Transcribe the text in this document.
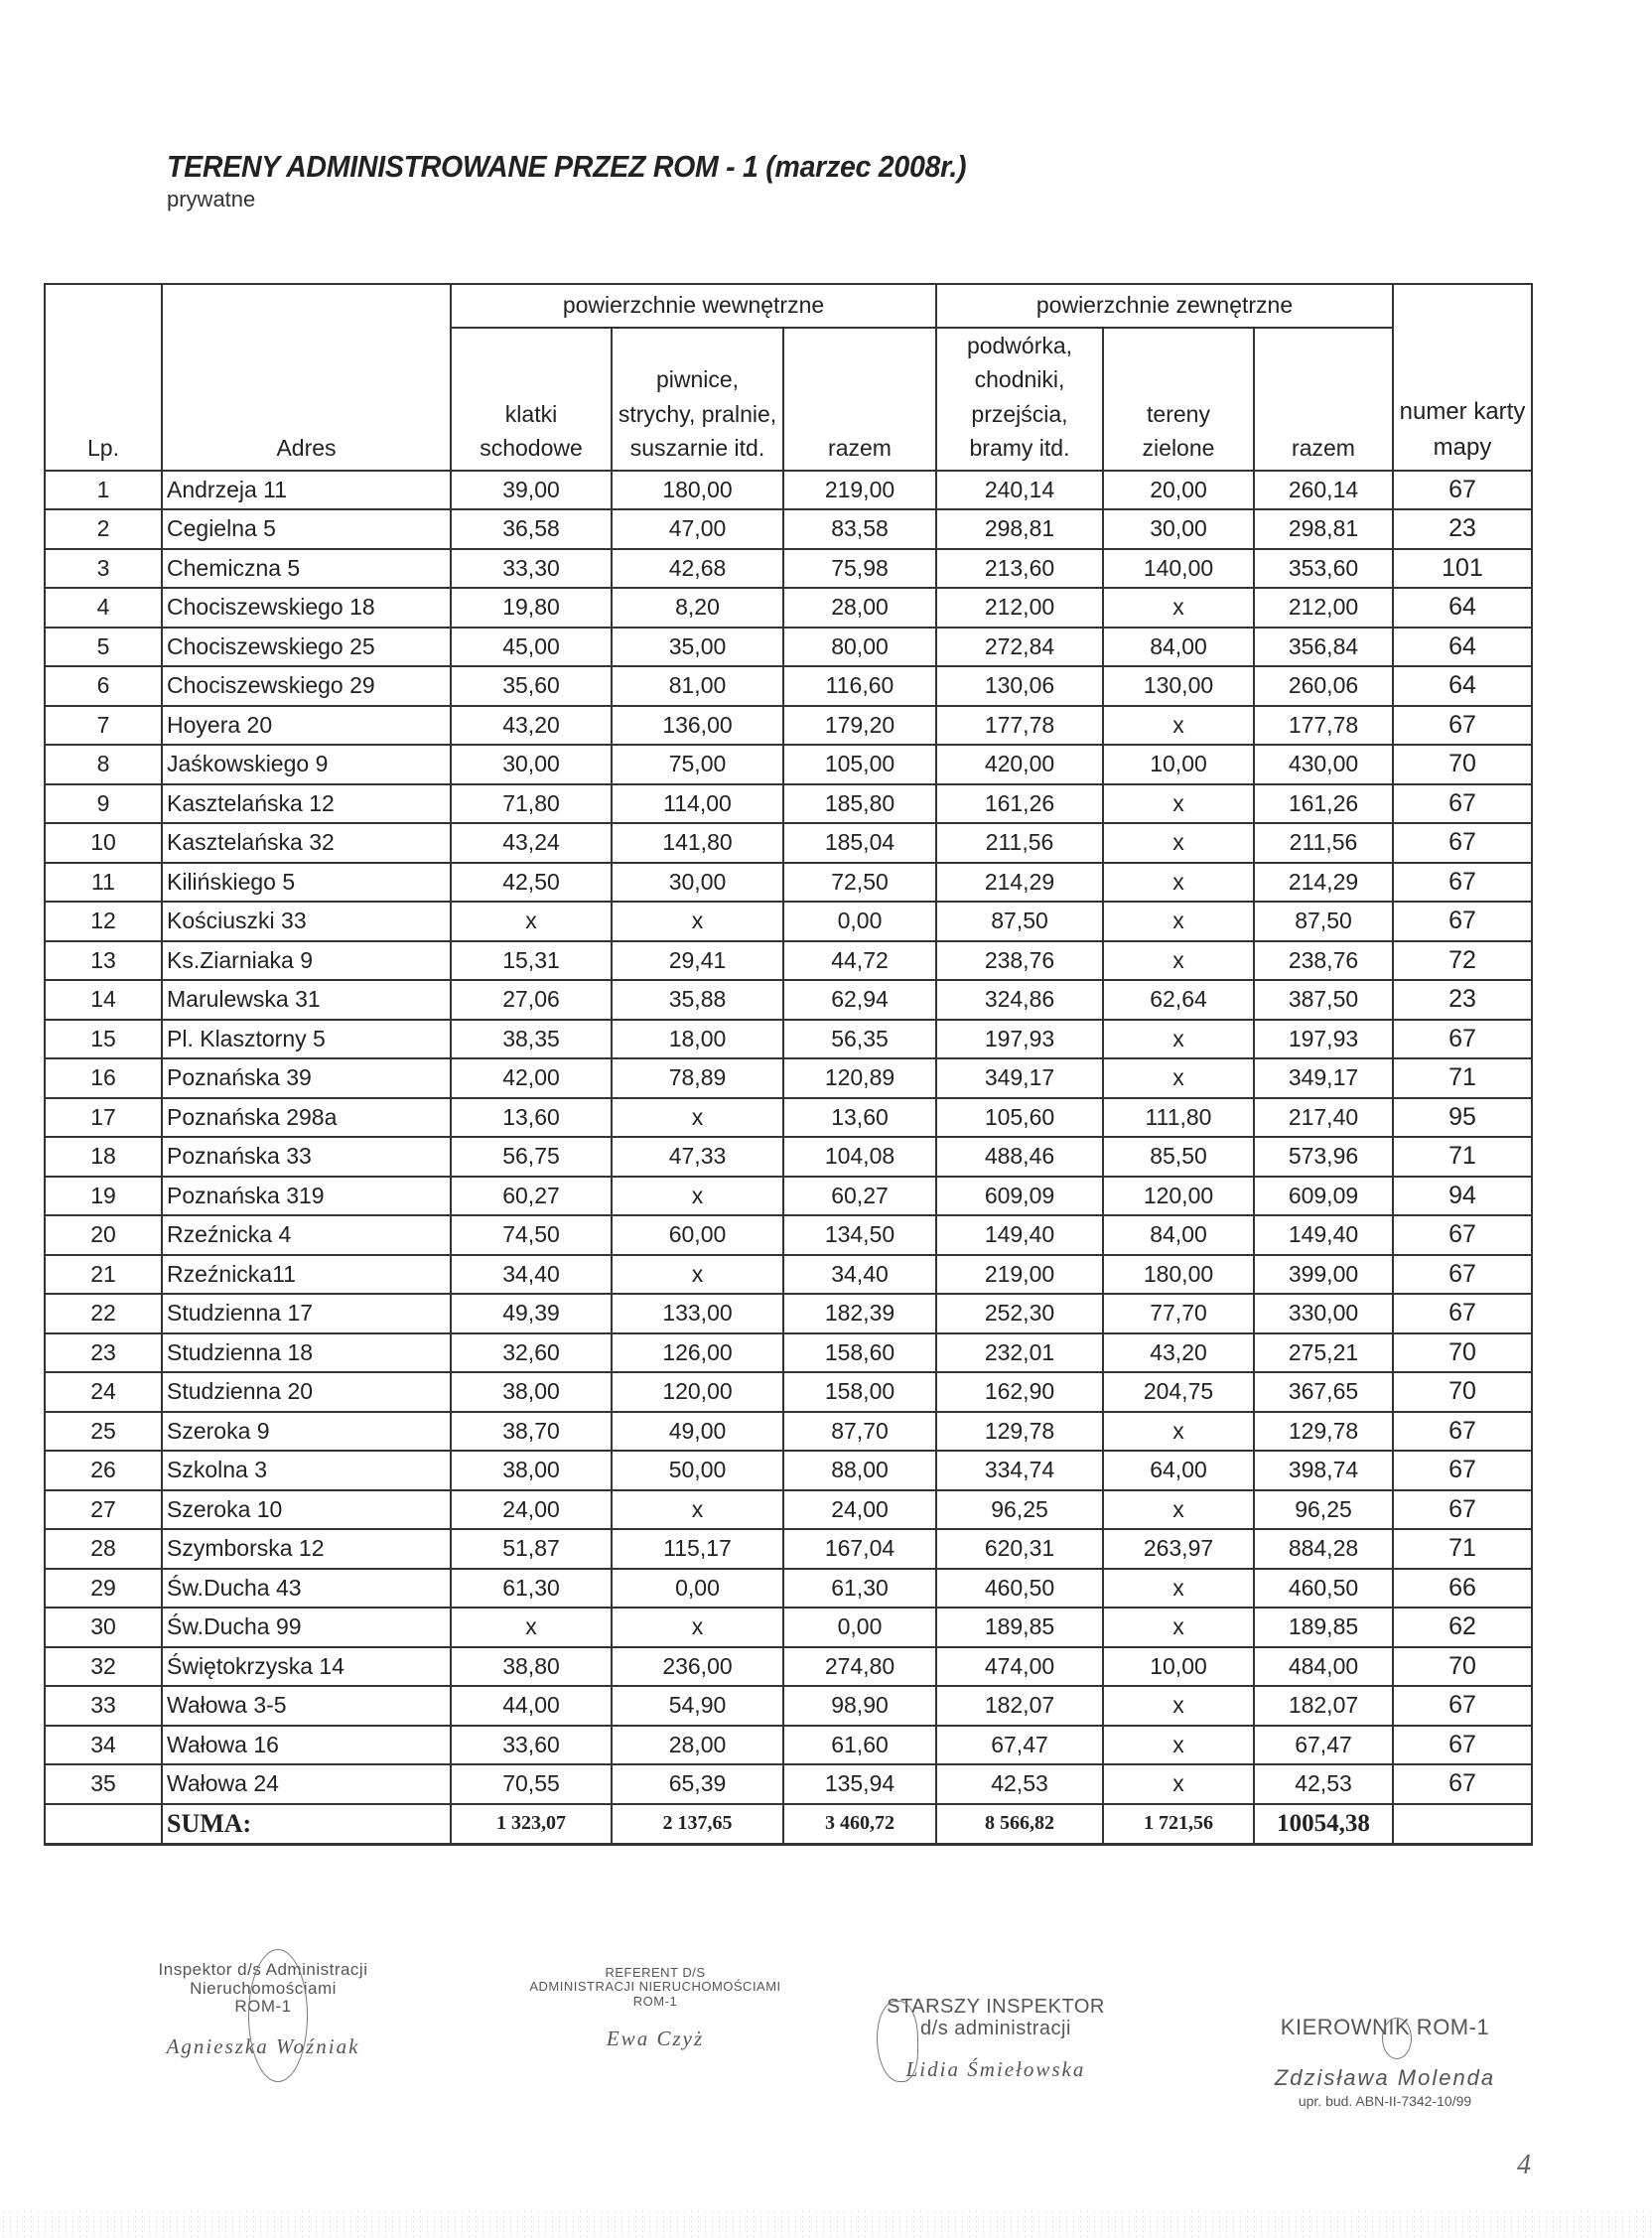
TERENY ADMINISTROWANE PRZEZ ROM - 1 (marzec 2008r.)
prywatne
Lp.	Adres	powierzchnie wewnętrzne			powierzchnie zewnętrzne			numer karty mapy
		klatki schodowe	piwnice, strychy, pralnie, suszarnie itd.	razem	podwórka, chodniki, przejścia, bramy itd.	tereny zielone	razem	
1	Andrzeja 11	39,00	180,00	219,00	240,14	20,00	260,14	67
2	Cegielna 5	36,58	47,00	83,58	298,81	30,00	298,81	23
3	Chemiczna 5	33,30	42,68	75,98	213,60	140,00	353,60	101
4	Chociszewskiego 18	19,80	8,20	28,00	212,00	x	212,00	64
5	Chociszewskiego 25	45,00	35,00	80,00	272,84	84,00	356,84	64
6	Chociszewskiego 29	35,60	81,00	116,60	130,06	130,00	260,06	64
7	Hoyera 20	43,20	136,00	179,20	177,78	x	177,78	67
8	Jaśkowskiego 9	30,00	75,00	105,00	420,00	10,00	430,00	70
9	Kasztelańska 12	71,80	114,00	185,80	161,26	x	161,26	67
10	Kasztelańska 32	43,24	141,80	185,04	211,56	x	211,56	67
11	Kilińskiego 5	42,50	30,00	72,50	214,29	x	214,29	67
12	Kościuszki 33	x	x	0,00	87,50	x	87,50	67
13	Ks.Ziarniaka 9	15,31	29,41	44,72	238,76	x	238,76	72
14	Marulewska 31	27,06	35,88	62,94	324,86	62,64	387,50	23
15	Pl. Klasztorny 5	38,35	18,00	56,35	197,93	x	197,93	67
16	Poznańska 39	42,00	78,89	120,89	349,17	x	349,17	71
17	Poznańska 298a	13,60	x	13,60	105,60	111,80	217,40	95
18	Poznańska 33	56,75	47,33	104,08	488,46	85,50	573,96	71
19	Poznańska 319	60,27	x	60,27	609,09	120,00	609,09	94
20	Rzeźnicka 4	74,50	60,00	134,50	149,40	84,00	149,40	67
21	Rzeźnicka11	34,40	x	34,40	219,00	180,00	399,00	67
22	Studzienna 17	49,39	133,00	182,39	252,30	77,70	330,00	67
23	Studzienna 18	32,60	126,00	158,60	232,01	43,20	275,21	70
24	Studzienna 20	38,00	120,00	158,00	162,90	204,75	367,65	70
25	Szeroka 9	38,70	49,00	87,70	129,78	x	129,78	67
26	Szkolna 3	38,00	50,00	88,00	334,74	64,00	398,74	67
27	Szeroka 10	24,00	x	24,00	96,25	x	96,25	67
28	Szymborska 12	51,87	115,17	167,04	620,31	263,97	884,28	71
29	Św.Ducha 43	61,30	0,00	61,30	460,50	x	460,50	66
30	Św.Ducha 99	x	x	0,00	189,85	x	189,85	62
32	Świętokrzyska 14	38,80	236,00	274,80	474,00	10,00	484,00	70
33	Wałowa 3-5	44,00	54,90	98,90	182,07	x	182,07	67
34	Wałowa 16	33,60	28,00	61,60	67,47	x	67,47	67
35	Wałowa 24	70,55	65,39	135,94	42,53	x	42,53	67
	SUMA:	1 323,07	2 137,65	3 460,72	8 566,82	1 721,56	10054,38	
Inspektor d/s Administracji
Nieruchomościami
ROM-1
Agnieszka Woźniak
REFERENT D/S
ADMINISTRACJI NIERUCHOMOŚCIAMI
ROM-1
Ewa Czyż
STARSZY INSPEKTOR
d/s administracji
Lidia Śmiełowska
KIEROWNIK ROM-1
Zdzisława Molenda
upr. bud. ABN-II-7342-10/99
4
